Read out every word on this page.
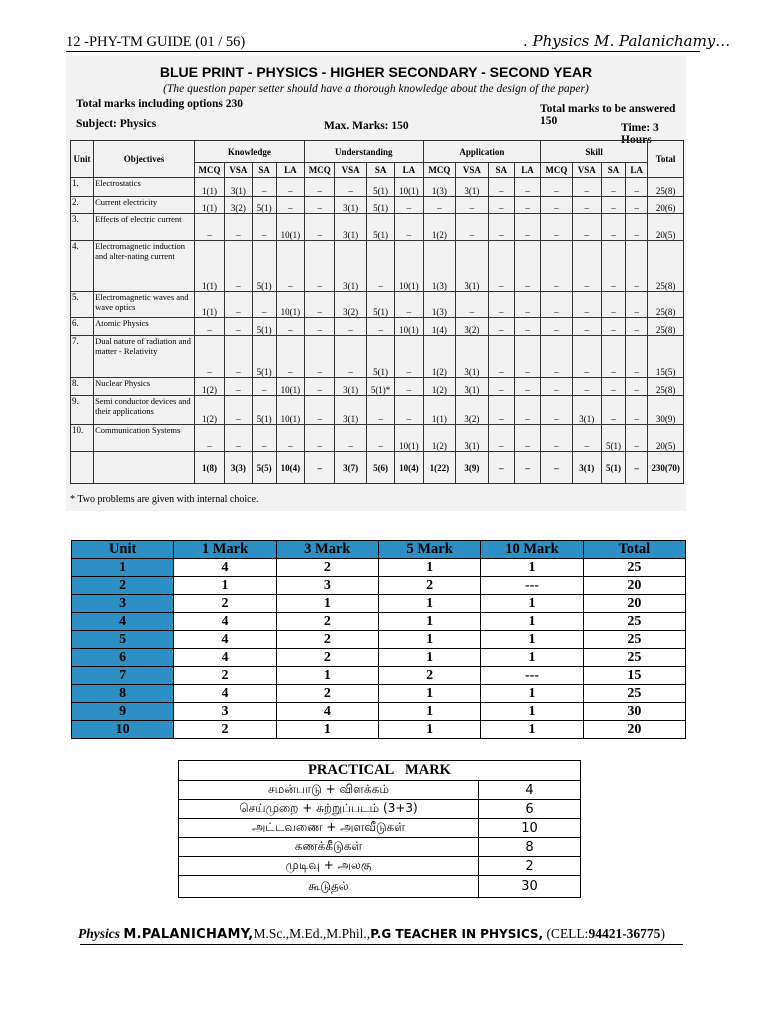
12 -PHY-TM GUIDE (01 / 56)	. Physics M. Palanichamy…
BLUE PRINT - PHYSICS - HIGHER SECONDARY - SECOND YEAR
(The question paper setter should have a thorough knowledge about the design of the paper)
Total marks including options 230	Total marks to be answered 150
Subject: Physics	Max. Marks: 150	Time: 3 Hours
Unit	Objectives	Knowledge				Understanding				Application				Skill				Total
		MCQ	VSA	SA	LA	MCQ	VSA	SA	LA	MCQ	VSA	SA	LA	MCQ	VSA	SA	LA	
1.	Electrostatics	1(1)	3(1)	–	–	–	–	5(1)	10(1)	1(3)	3(1)	–	–	–	–	–	–	25(8)
2.	Current electricity	1(1)	3(2)	5(1)	–	–	3(1)	5(1)	–	–	–	–	–	–	–	–	–	20(6)
3.	Effects of electric current	–	–	–	10(1)	–	3(1)	5(1)	–	1(2)	–	–	–	–	–	–	–	20(5)
4.	Electromagnetic induction and alter-nating current	1(1)	–	5(1)	–	–	3(1)	–	10(1)	1(3)	3(1)	–	–	–	–	–	–	25(8)
5.	Electromagnetic waves and wave optics	1(1)	–	–	10(1)	–	3(2)	5(1)	–	1(3)	–	–	–	–	–	–	–	25(8)
6.	Atomic Physics	–	–	5(1)	–	–	–	–	10(1)	1(4)	3(2)	–	–	–	–	–	–	25(8)
7.	Dual nature of radiation and matter - Relativity	–	–	5(1)	–	–	–	5(1)	–	1(2)	3(1)	–	–	–	–	–	–	15(5)
8.	Nuclear Physics	1(2)	–	–	10(1)	–	3(1)	5(1)*	–	1(2)	3(1)	–	–	–	–	–	–	25(8)
9.	Semi conductor devices and their applications	1(2)	–	5(1)	10(1)	–	3(1)	–	–	1(1)	3(2)	–	–	–	3(1)	–	–	30(9)
10.	Communication Systems	–	–	–	–	–	–	–	10(1)	1(2)	3(1)	–	–	–	–	5(1)	–	20(5)
		1(8)	3(3)	5(5)	10(4)	–	3(7)	5(6)	10(4)	1(22)	3(9)	–	–	–	3(1)	5(1)	–	230(70)
* Two problems are given with internal choice.
Unit	1 Mark	3 Mark	5 Mark	10 Mark	Total
1	4	2	1	1	25
2	1	3	2	---	20
3	2	1	1	1	20
4	4	2	1	1	25
5	4	2	1	1	25
6	4	2	1	1	25
7	2	1	2	---	15
8	4	2	1	1	25
9	3	4	1	1	30
10	2	1	1	1	20
PRACTICAL MARK	
சமன்பாடு + விளக்கம்	4
செய்முறை + சுற்றுப்படம் (3+3)	6
அட்டவணை + அளவீடுகள்	10
கணக்கீடுகள்	8
முடிவு + அலகு	2
கூடுதல்	30
Physics M.PALANICHAMY,M.Sc.,M.Ed.,M.Phil.,P.G TEACHER IN PHYSICS, (CELL:94421-36775)
